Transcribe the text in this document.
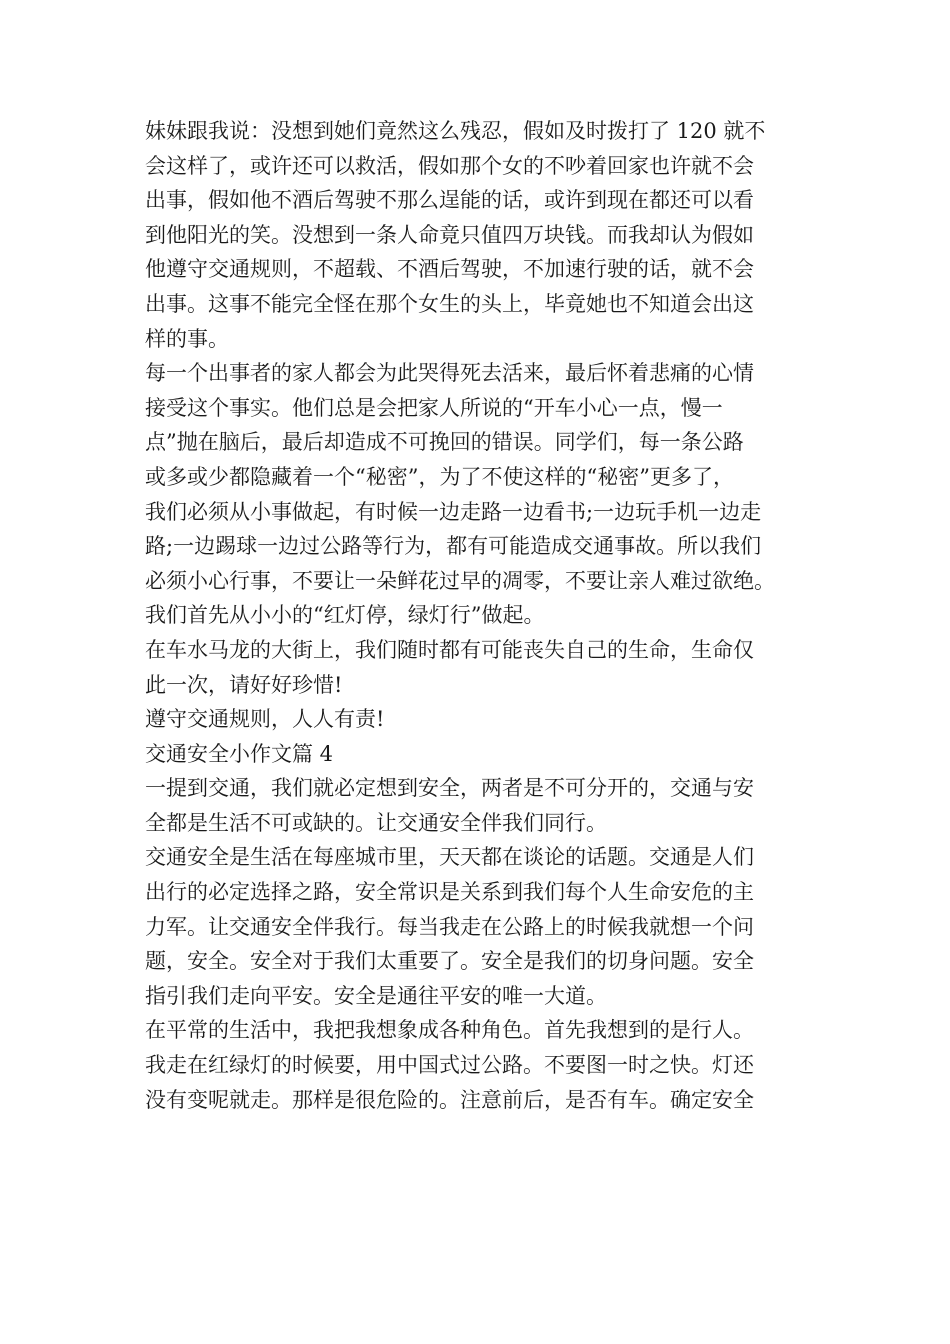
妹妹跟我说：没想到她们竟然这么残忍，假如及时拨打了 120 就不
会这样了，或许还可以救活，假如那个女的不吵着回家也许就不会
出事，假如他不酒后驾驶不那么逞能的话，或许到现在都还可以看
到他阳光的笑。没想到一条人命竟只值四万块钱。而我却认为假如
他遵守交通规则，不超载、不酒后驾驶，不加速行驶的话，就不会
出事。这事不能完全怪在那个女生的头上，毕竟她也不知道会出这
样的事。
每一个出事者的家人都会为此哭得死去活来，最后怀着悲痛的心情
接受这个事实。他们总是会把家人所说的“开车小心一点，慢一
点”抛在脑后，最后却造成不可挽回的错误。同学们，每一条公路
或多或少都隐藏着一个“秘密”，为了不使这样的“秘密”更多了，
我们必须从小事做起，有时候一边走路一边看书;一边玩手机一边走
路;一边踢球一边过公路等行为，都有可能造成交通事故。所以我们
必须小心行事，不要让一朵鲜花过早的凋零，不要让亲人难过欲绝。
我们首先从小小的“红灯停，绿灯行”做起。
在车水马龙的大街上，我们随时都有可能丧失自己的生命，生命仅
此一次，请好好珍惜!
遵守交通规则，人人有责!
交通安全小作文篇 4
一提到交通，我们就必定想到安全，两者是不可分开的，交通与安
全都是生活不可或缺的。让交通安全伴我们同行。
交通安全是生活在每座城市里，天天都在谈论的话题。交通是人们
出行的必定选择之路，安全常识是关系到我们每个人生命安危的主
力军。让交通安全伴我行。每当我走在公路上的时候我就想一个问
题，安全。安全对于我们太重要了。安全是我们的切身问题。安全
指引我们走向平安。安全是通往平安的唯一大道。
在平常的生活中，我把我想象成各种角色。首先我想到的是行人。
我走在红绿灯的时候要，用中国式过公路。不要图一时之快。灯还
没有变呢就走。那样是很危险的。注意前后，是否有车。确定安全
